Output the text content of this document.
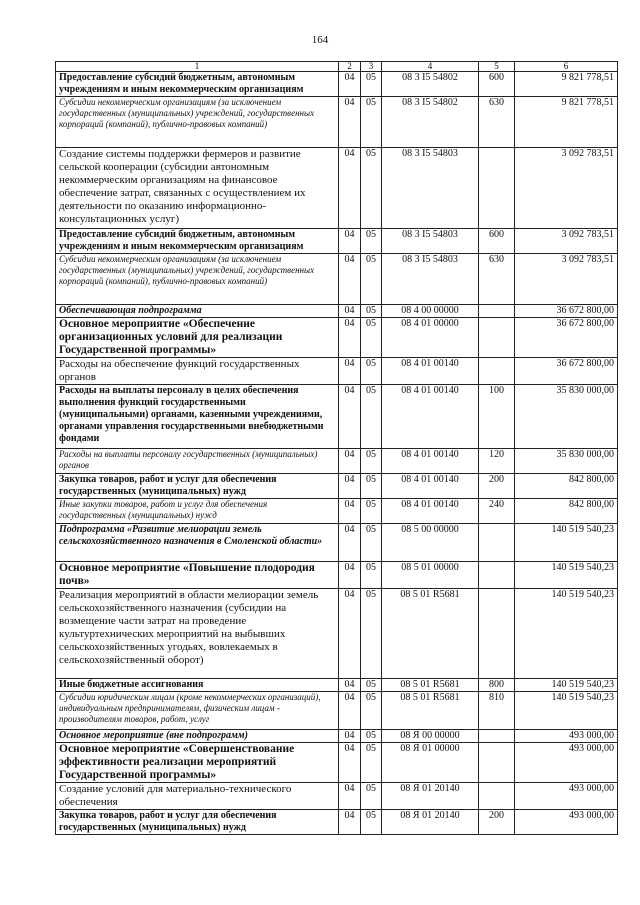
164
1	2	3	4	5	6
Предоставление субсидий бюджетным, автономным учреждениям и иным некоммерческим организациям	04	05	08 3 I5 54802	600	9 821 778,51
Субсидии некоммерческим организациям (за исключением государственных (муниципальных) учреждений, государственных корпораций (компаний), публично-правовых компаний)	04	05	08 3 I5 54802	630	9 821 778,51
Создание системы поддержки фермеров и развитие сельской кооперации (субсидии автономным некоммерческим организациям на финансовое обеспечение затрат, связанных с осуществлением их деятельности по оказанию информационно-консультационных услуг)	04	05	08 3 I5 54803		3 092 783,51
Предоставление субсидий бюджетным, автономным учреждениям и иным некоммерческим организациям	04	05	08 3 I5 54803	600	3 092 783,51
Субсидии некоммерческим организациям (за исключением государственных (муниципальных) учреждений, государственных корпораций (компаний), публично-правовых компаний)	04	05	08 3 I5 54803	630	3 092 783,51
Обеспечивающая подпрограмма	04	05	08 4 00 00000		36 672 800,00
Основное мероприятие «Обеспечение организационных условий для реализации Государственной программы»	04	05	08 4 01 00000		36 672 800,00
Расходы на обеспечение функций государственных органов	04	05	08 4 01 00140		36 672 800,00
Расходы на выплаты персоналу в целях обеспечения выполнения функций государственными (муниципальными) органами, казенными учреждениями, органами управления государственными внебюджетными фондами	04	05	08 4 01 00140	100	35 830 000,00
Расходы на выплаты персоналу государственных (муниципальных) органов	04	05	08 4 01 00140	120	35 830 000,00
Закупка товаров, работ и услуг для обеспечения государственных (муниципальных) нужд	04	05	08 4 01 00140	200	842 800,00
Иные закупки товаров, работ и услуг для обеспечения государственных (муниципальных) нужд	04	05	08 4 01 00140	240	842 800,00
Подпрограмма «Развитие мелиорации земель сельскохозяйственного назначения в Смоленской области»	04	05	08 5 00 00000		140 519 540,23
Основное мероприятие «Повышение плодородия почв»	04	05	08 5 01 00000		140 519 540,23
Реализация мероприятий в области мелиорации земель сельскохозяйственного назначения (субсидии на возмещение части затрат на проведение культуртехнических мероприятий на выбывших сельскохозяйственных угодьях, вовлекаемых в сельскохозяйственный оборот)	04	05	08 5 01 R5681		140 519 540,23
Иные бюджетные ассигнования	04	05	08 5 01 R5681	800	140 519 540,23
Субсидии юридическим лицам (кроме некоммерческих организаций), индивидуальным предпринимателям, физическим лицам - производителям товаров, работ, услуг	04	05	08 5 01 R5681	810	140 519 540,23
Основное мероприятие (вне подпрограмм)	04	05	08 Я 00 00000		493 000,00
Основное мероприятие «Совершенствование эффективности реализации мероприятий Государственной программы»	04	05	08 Я 01 00000		493 000,00
Создание условий для материально-технического обеспечения	04	05	08 Я 01 20140		493 000,00
Закупка товаров, работ и услуг для обеспечения государственных (муниципальных) нужд	04	05	08 Я 01 20140	200	493 000,00
